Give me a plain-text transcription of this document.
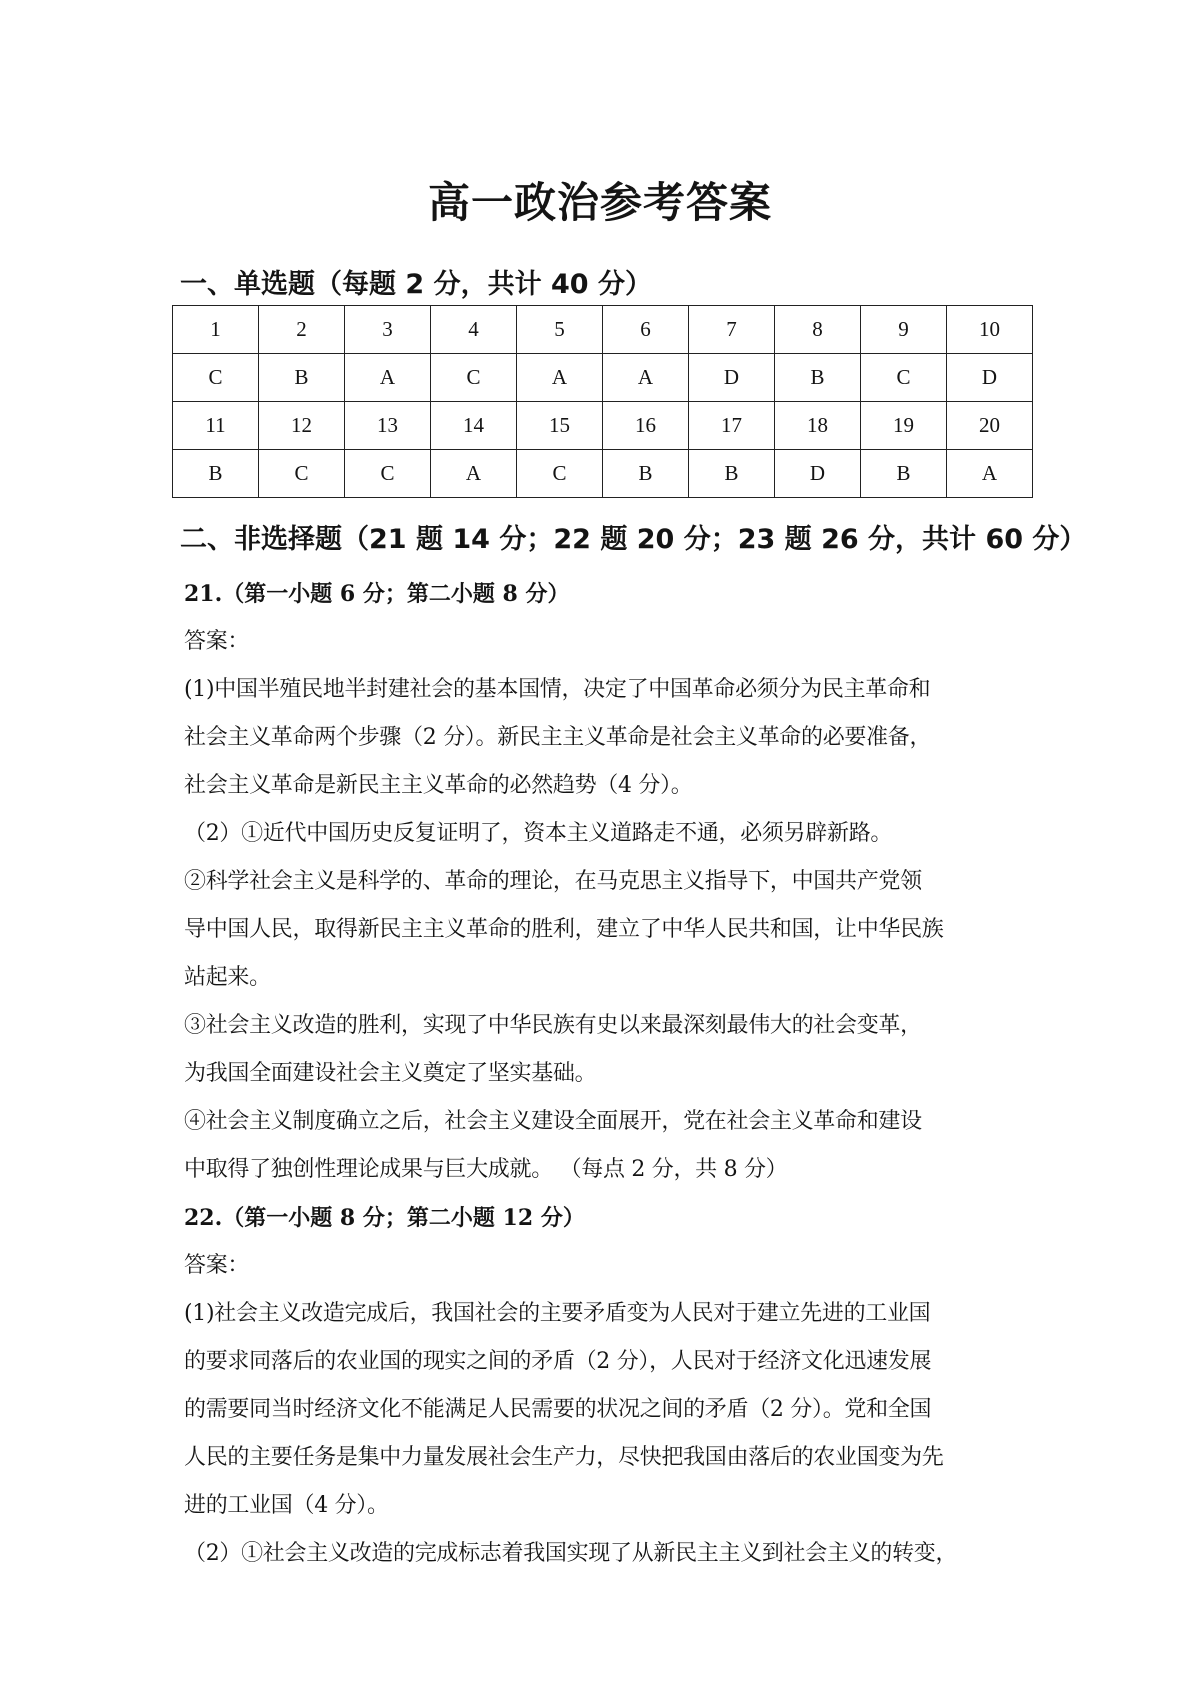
高一政治参考答案
一、单选题（每题 2 分，共计 40 分）
1	2	3	4	5	6	7	8	9	10
C	B	A	C	A	A	D	B	C	D
11	12	13	14	15	16	17	18	19	20
B	C	C	A	C	B	B	D	B	A
二、非选择题（21 题 14 分；22 题 20 分；23 题 26 分，共计 60 分）

21.（第一小题 6 分；第二小题 8 分）

答案：

(1)中国半殖民地半封建社会的基本国情，决定了中国革命必须分为民主革命和

社会主义革命两个步骤（2 分）。新民主主义革命是社会主义革命的必要准备，

社会主义革命是新民主主义革命的必然趋势（4 分）。

（2）①近代中国历史反复证明了，资本主义道路走不通，必须另辟新路。

②科学社会主义是科学的、革命的理论，在马克思主义指导下，中国共产党领

导中国人民，取得新民主主义革命的胜利，建立了中华人民共和国，让中华民族

站起来。

③社会主义改造的胜利，实现了中华民族有史以来最深刻最伟大的社会变革，

为我国全面建设社会主义奠定了坚实基础。

④社会主义制度确立之后，社会主义建设全面展开，党在社会主义革命和建设

中取得了独创性理论成果与巨大成就。 （每点 2 分，共 8 分）

22.（第一小题 8 分；第二小题 12 分）

答案：

(1)社会主义改造完成后，我国社会的主要矛盾变为人民对于建立先进的工业国

的要求同落后的农业国的现实之间的矛盾（2 分），人民对于经济文化迅速发展

的需要同当时经济文化不能满足人民需要的状况之间的矛盾（2 分）。党和全国

人民的主要任务是集中力量发展社会生产力，尽快把我国由落后的农业国变为先

进的工业国（4 分）。

（2）①社会主义改造的完成标志着我国实现了从新民主主义到社会主义的转变，
